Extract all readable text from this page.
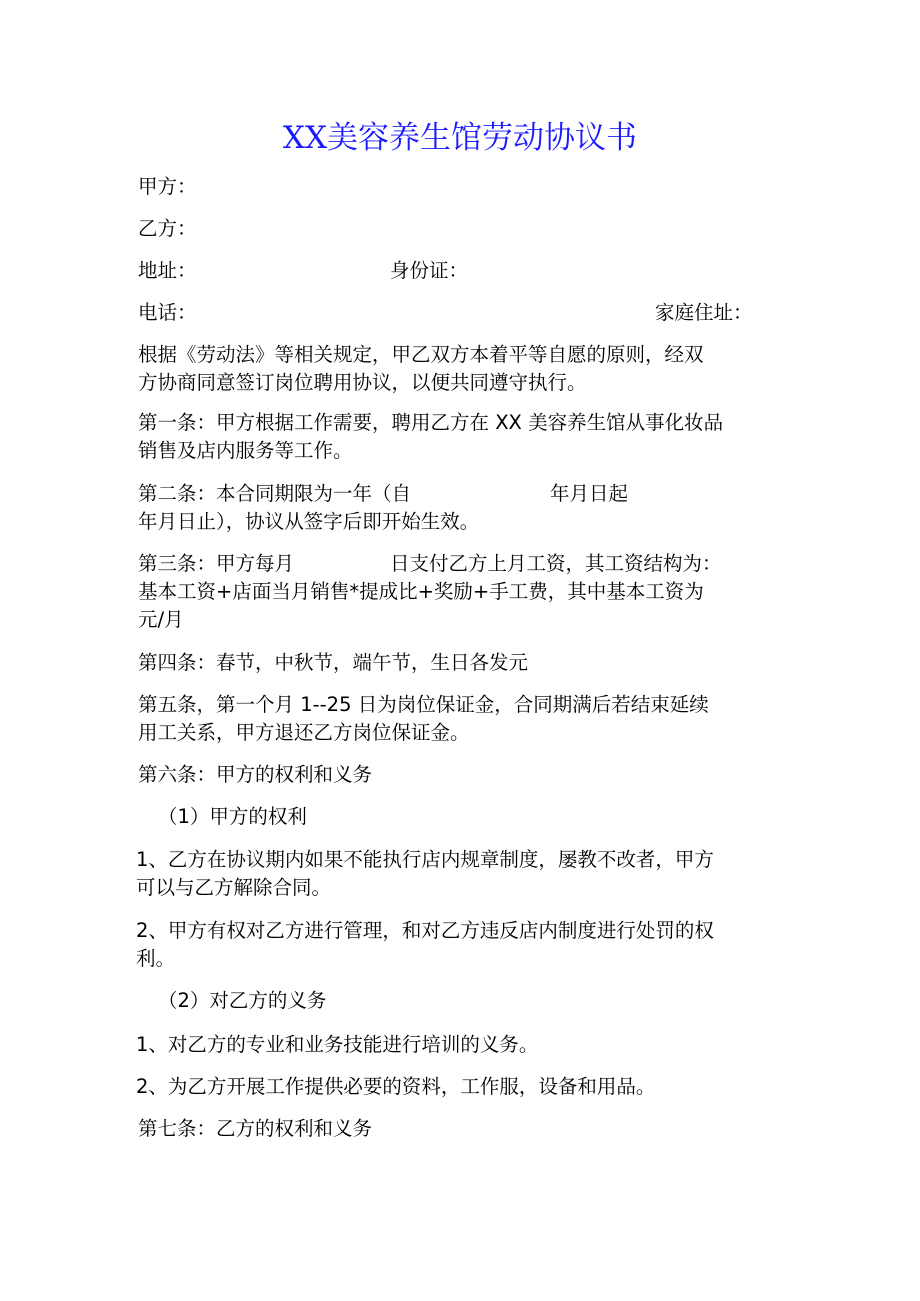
XX美容养生馆劳动协议书

甲方：

乙方：

地址：	身份证：

电话：	家庭住址：

根据《劳动法》等相关规定，甲乙双方本着平等自愿的原则，经双

方协商同意签订岗位聘用协议，以便共同遵守执行。

第一条：甲方根据工作需要，聘用乙方在 XX 美容养生馆从事化妆品

销售及店内服务等工作。

第二条：本合同期限为一年（自	年月日起

年月日止），协议从签字后即开始生效。

第三条：甲方每月	日支付乙方上月工资，其工资结构为：

基本工资+店面当月销售*提成比+奖励+手工费，其中基本工资为

元/月

第四条：春节，中秋节，端午节，生日各发元

第五条，第一个月 1--25 日为岗位保证金，合同期满后若结束延续

用工关系，甲方退还乙方岗位保证金。

第六条：甲方的权利和义务

（1）甲方的权利

1、乙方在协议期内如果不能执行店内规章制度，屡教不改者，甲方

可以与乙方解除合同。

2、甲方有权对乙方进行管理，和对乙方违反店内制度进行处罚的权

利。

（2）对乙方的义务

1、对乙方的专业和业务技能进行培训的义务。

2、为乙方开展工作提供必要的资料，工作服，设备和用品。

第七条：乙方的权利和义务
